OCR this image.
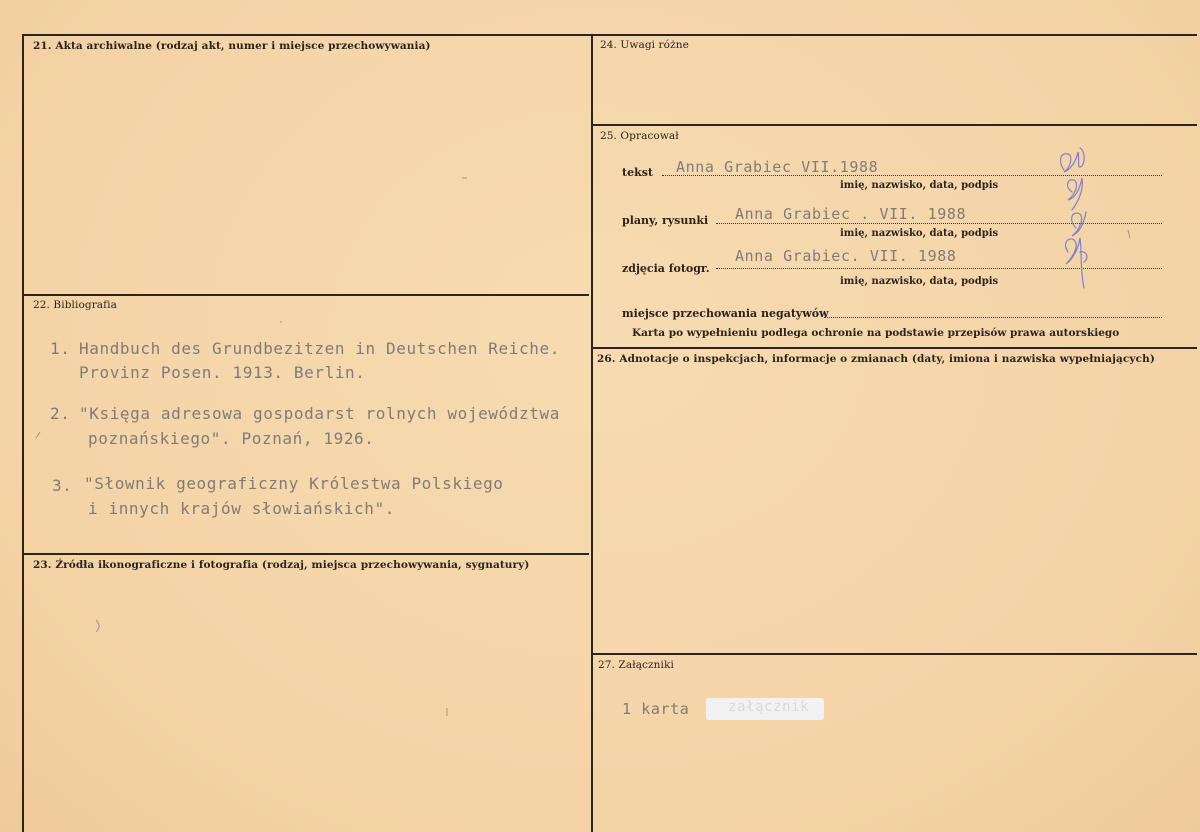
21. Akta archiwalne (rodzaj akt, numer i miejsce przechowywania)
22. Bibliografia
1. Handbuch des Grundbezitzen in Deutschen Reiche.
Provinz Posen. 1913. Berlin.
2. "Księga adresowa gospodarst rolnych województwa
poznańskiego". Poznań, 1926.
3. "Słownik geograficzny Królestwa Polskiego
i innych krajów słowiańskich".
23. Źródła ikonograficzne i fotografia (rodzaj, miejsca przechowywania, sygnatury)
24. Uwagi różne
25. Opracował
tekst Anna Grabiec VII.1988
imię, nazwisko, data, podpis
plany, rysunki Anna Grabiec . VII. 1988
imię, nazwisko, data, podpis
zdjęcia fotogr.
Anna Grabiec. VII. 1988
imię, nazwisko, data, podpis
miejsce przechowania negatywów
Karta po wypełnieniu podlega ochronie na podstawie przepisów prawa autorskiego
26. Adnotacje o inspekcjach, informacje o zmianach (daty, imiona i nazwiska wypełniających)
27. Załączniki
1 karta	załącznik
